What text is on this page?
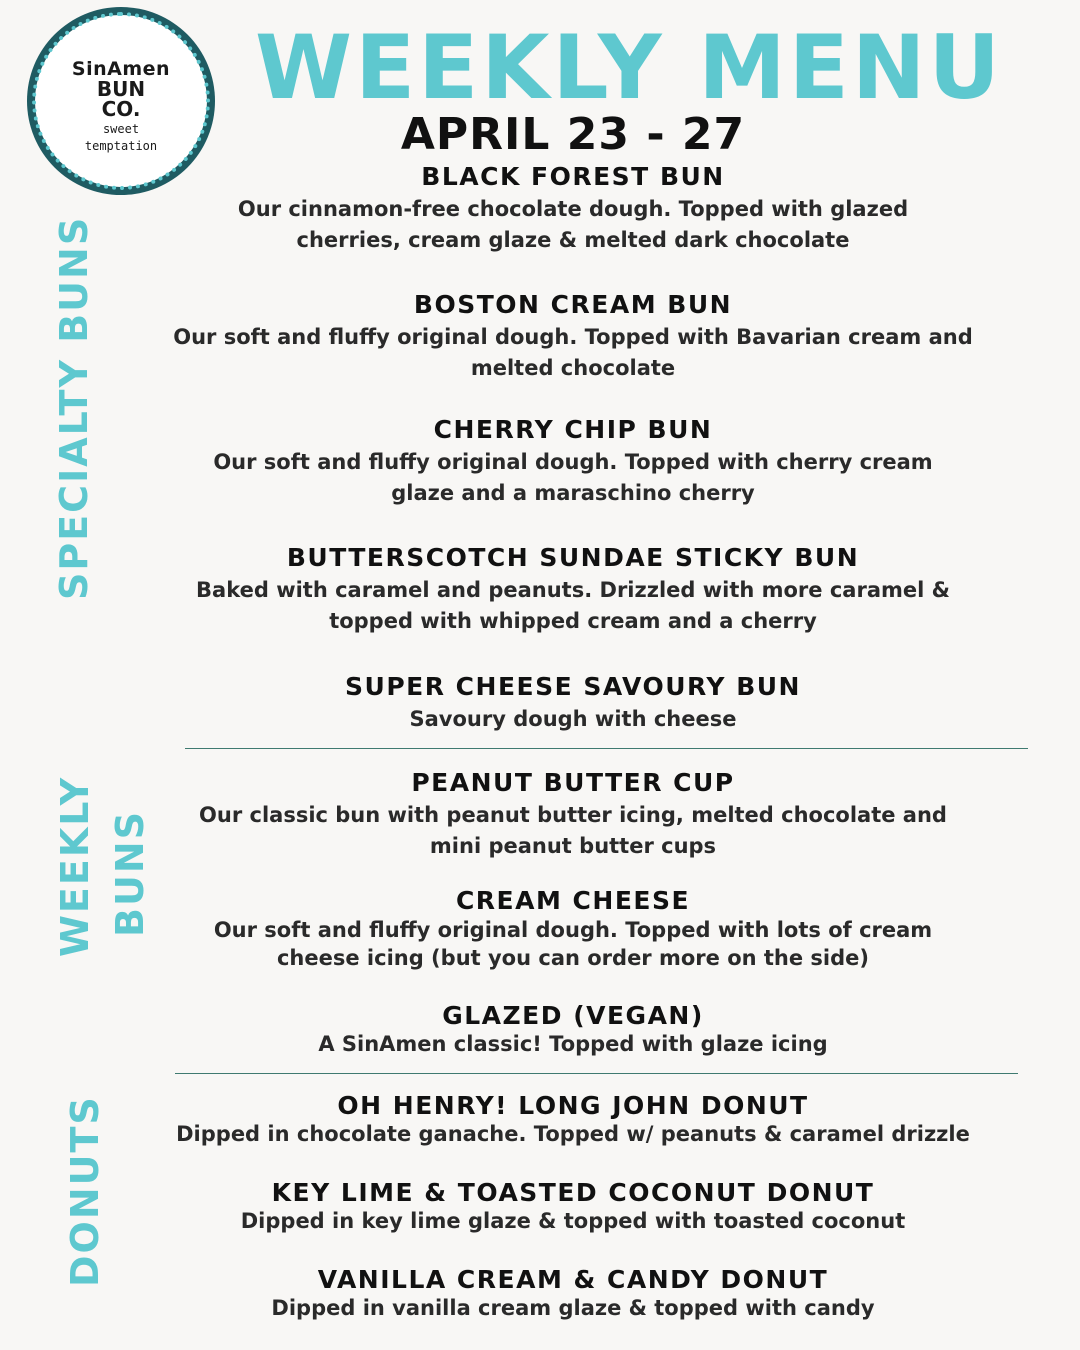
SinAmen
BUN
CO.
sweet
temptation
WEEKLY MENU
APRIL 23 - 27
SPECIALTY BUNS
WEEKLY BUNS
DONUTS
BLACK FOREST BUN
Our cinnamon-free chocolate dough. Topped with glazed cherries, cream glaze & melted dark chocolate
BOSTON CREAM BUN
Our soft and fluffy original dough. Topped with Bavarian cream and melted chocolate
CHERRY CHIP BUN
Our soft and fluffy original dough. Topped with cherry cream glaze and a maraschino cherry
BUTTERSCOTCH SUNDAE STICKY BUN
Baked with caramel and peanuts. Drizzled with more caramel & topped with whipped cream and a cherry
SUPER CHEESE SAVOURY BUN
Savoury dough with cheese
PEANUT BUTTER CUP
Our classic bun with peanut butter icing, melted chocolate and mini peanut butter cups
CREAM CHEESE
Our soft and fluffy original dough. Topped with lots of cream cheese icing (but you can order more on the side)
GLAZED (VEGAN)
A SinAmen classic! Topped with glaze icing
OH HENRY! LONG JOHN DONUT
Dipped in chocolate ganache. Topped w/ peanuts & caramel drizzle
KEY LIME & TOASTED COCONUT DONUT
Dipped in key lime glaze & topped with toasted coconut
VANILLA CREAM & CANDY DONUT
Dipped in vanilla cream glaze & topped with candy
